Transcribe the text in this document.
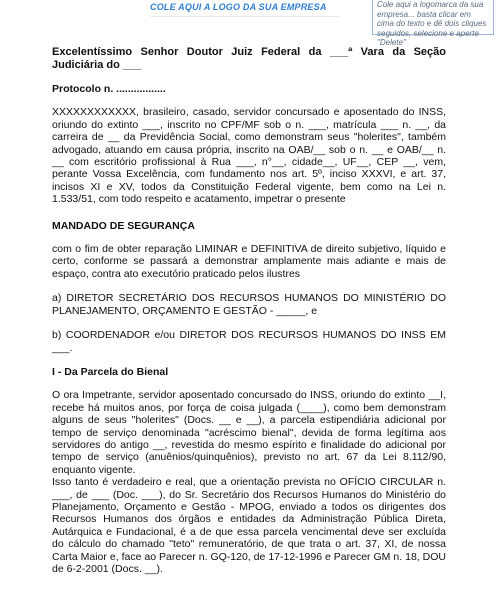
COLE AQUI A LOGO DA SUA EMPRESA	Cole aqui a logomarca da sua empresa... basta clicar em cima do texto e dê dois cliques seguidos, selecione e aperte "Delete"

Excelentíssimo Senhor Doutor Juiz Federal da ___ª Vara da Seção Judiciária do ___

Protocolo n. .................

XXXXXXXXXXXX, brasileiro, casado, servidor concursado e aposentado do INSS, oriundo do extinto ___, inscrito no CPF/MF sob o n. ___, matrícula ___ n. __, da carreira de __ da Previdência Social, como demonstram seus "holerites", também advogado, atuando em causa própria, inscrito na OAB/__ sob o n. __ e OAB/__ n. __ com escritório profissional à Rua ___, n°__, cidade__, UF__, CEP __, vem, perante Vossa Excelência, com fundamento nos art. 5º, inciso XXXVI, e art. 37, incisos XI e XV, todos da Constituição Federal vigente, bem como na Lei n. 1.533/51, com todo respeito e acatamento, impetrar o presente

MANDADO DE SEGURANÇA

com o fim de obter reparação LIMINAR e DEFINITIVA de direito subjetivo, líquido e certo, conforme se passará a demonstrar amplamente mais adiante e mais de espaço, contra ato executório praticado pelos ilustres

a) DIRETOR SECRETÁRIO DOS RECURSOS HUMANOS DO MINISTÉRIO DO PLANEJAMENTO, ORÇAMENTO E GESTÃO - _____, e

b) COORDENADOR e/ou DIRETOR DOS RECURSOS HUMANOS DO INSS EM ___.

I - Da Parcela do Bienal

O ora Impetrante, servidor aposentado concursado do INSS, oriundo do extinto __I, recebe há muitos anos, por força de coisa julgada (____), como bem demonstram alguns de seus "holerites" (Docs. __ e __), a parcela estipendiária adicional por tempo de serviço denominada "acréscimo bienal", devida de forma legítima aos servidores do antigo __, revestida do mesmo espírito e finalidade do adicional por tempo de serviço (anuênios/quinquênios), previsto no art. 67 da Lei 8.112/90, enquanto vigente.

Isso tanto é verdadeiro e real, que a orientação prevista no OFÍCIO CIRCULAR n. ___, de ___ (Doc. ___), do Sr. Secretário dos Recursos Humanos do Ministério do Planejamento, Orçamento e Gestão - MPOG, enviado a todos os dirigentes dos Recursos Humanos dos órgãos e entidades da Administração Pública Direta, Autárquica e Fundacional, é a de que essa parcela vencimental deve ser excluída do cálculo do chamado "teto" remuneratório, de que trata o art. 37, XI, de nossa Carta Maior e, face ao Parecer n. GQ-120, de 17-12-1996 e Parecer GM n. 18, DOU de 6-2-2001 (Docs. __).
